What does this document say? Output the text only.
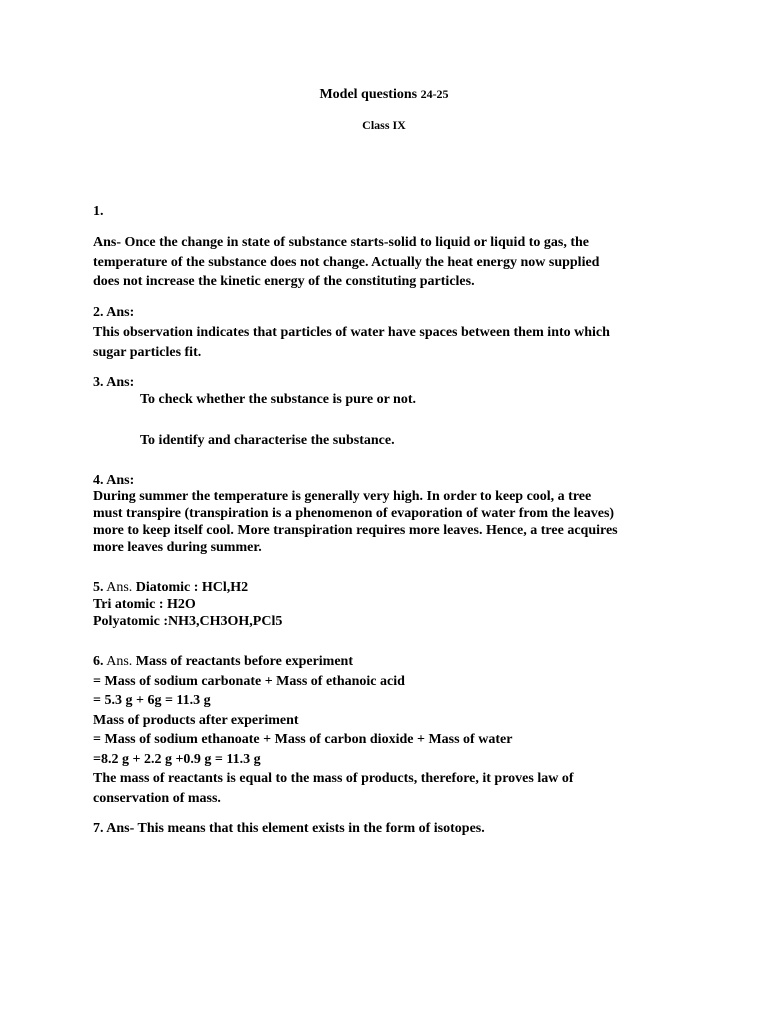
Model questions 24-25
Class IX
1.
Ans- Once the change in state of substance starts-solid to liquid or liquid to gas, the
temperature of the substance does not change. Actually the heat energy now supplied
does not increase the kinetic energy of the constituting particles.
2. Ans:
This observation indicates that particles of water have spaces between them into which
sugar particles fit.
3. Ans:
To check whether the substance is pure or not.
To identify and characterise the substance.
4. Ans:
During summer the temperature is generally very high. In order to keep cool, a tree
must transpire (transpiration is a phenomenon of evaporation of water from the leaves)
more to keep itself cool. More transpiration requires more leaves. Hence, a tree acquires
more leaves during summer.
5. Ans. Diatomic : HCl,H2
Tri atomic : H2O
Polyatomic :NH3,CH3OH,PCl5
6. Ans. Mass of reactants before experiment
= Mass of sodium carbonate + Mass of ethanoic acid
= 5.3 g + 6g = 11.3 g
Mass of products after experiment
= Mass of sodium ethanoate + Mass of carbon dioxide + Mass of water
=8.2 g + 2.2 g +0.9 g = 11.3 g
The mass of reactants is equal to the mass of products, therefore, it proves law of
conservation of mass.
7. Ans- This means that this element exists in the form of isotopes.
